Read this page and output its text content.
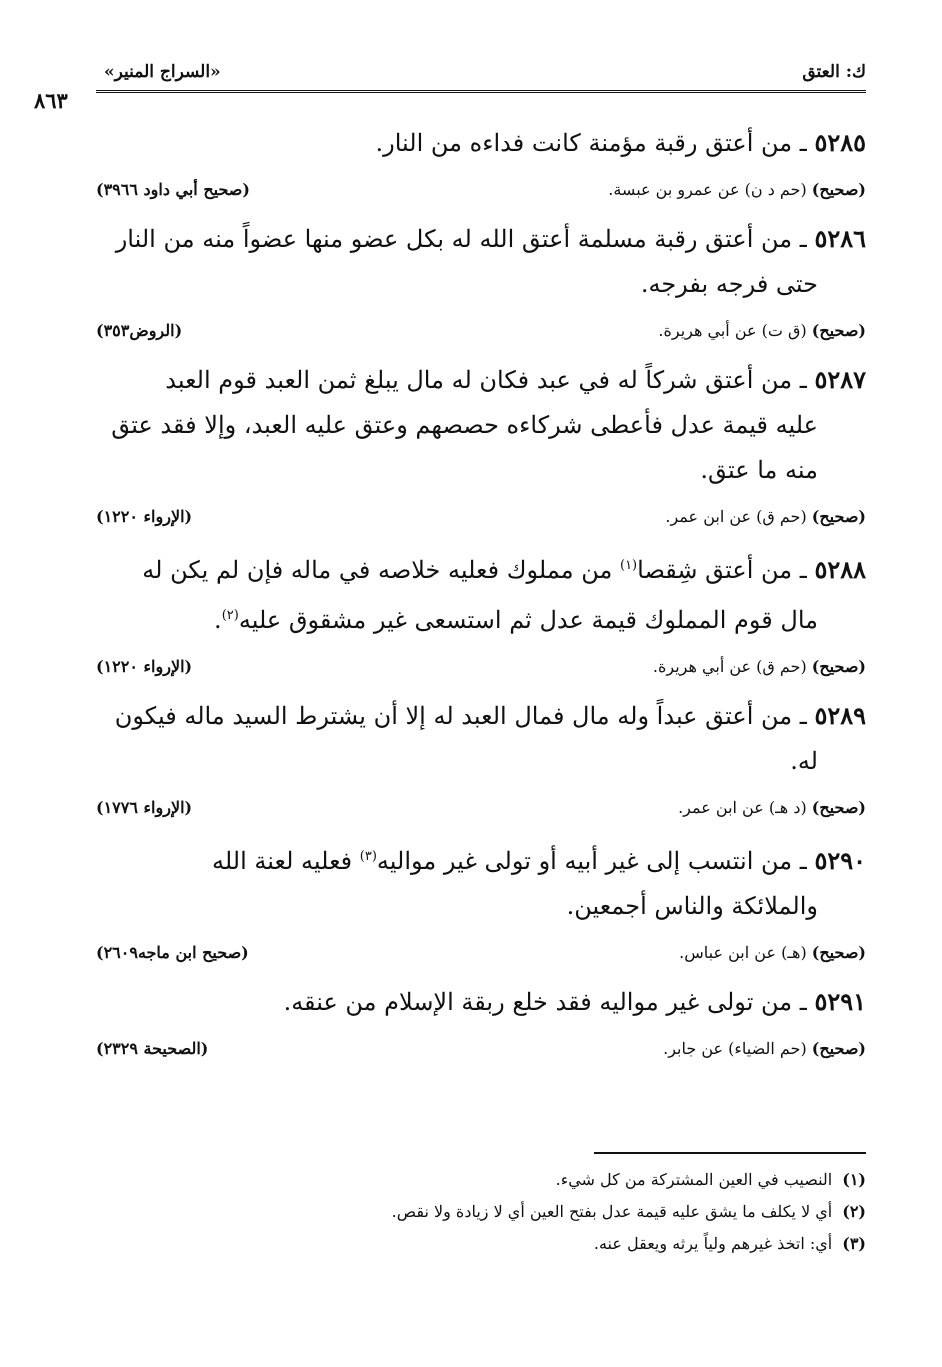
ك: العتق
«السراج المنير»
٨٦٣
٥٢٨٥ ـ من أعتق رقبة مؤمنة كانت فداءه من النار.
(صحيح) (حم د ن) عن عمرو بن عبسة.
(صحيح أبي داود ٣٩٦٦)
٥٢٨٦ ـ من أعتق رقبة مسلمة أعتق الله له بكل عضو منها عضواً منه من النار
حتى فرجه بفرجه.
(صحيح) (ق ت) عن أبي هريرة.
(الروض٣٥٣)
٥٢٨٧ ـ من أعتق شركاً له في عبد فكان له مال يبلغ ثمن العبد قوم العبد
عليه قيمة عدل فأعطى شركاءه حصصهم وعتق عليه العبد، وإلا فقد عتق
منه ما عتق.
(صحيح) (حم ق) عن ابن عمر.
(الإرواء ١٢٢٠)
٥٢٨٨ ـ من أعتق شِقصا$^{(١)}$ من مملوك فعليه خلاصه في ماله فإن لم يكن له
مال قوم المملوك قيمة عدل ثم استسعى غير مشقوق عليه$^{(٢)}$.
(صحيح) (حم ق) عن أبي هريرة.
(الإرواء ١٢٢٠)
٥٢٨٩ ـ من أعتق عبداً وله مال فمال العبد له إلا أن يشترط السيد ماله فيكون
له.
(صحيح) (د هـ) عن ابن عمر.
(الإرواء ١٧٧٦)
٥٢٩٠ ـ من انتسب إلى غير أبيه أو تولى غير مواليه$^{(٣)}$ فعليه لعنة الله
والملائكة والناس أجمعين.
(صحيح) (هـ) عن ابن عباس.
(صحيح ابن ماجه٢٦٠٩)
٥٢٩١ ـ من تولى غير مواليه فقد خلع ربقة الإسلام من عنقه.
(صحيح) (حم الضياء) عن جابر.
(الصحيحة ٢٣٢٩)
(١)النصيب في العين المشتركة من كل شيء.
(٢)أي لا يكلف ما يشق عليه قيمة عدل بفتح العين أي لا زيادة ولا نقص.
(٣)أي: اتخذ غيرهم ولياً يرثه ويعقل عنه.
